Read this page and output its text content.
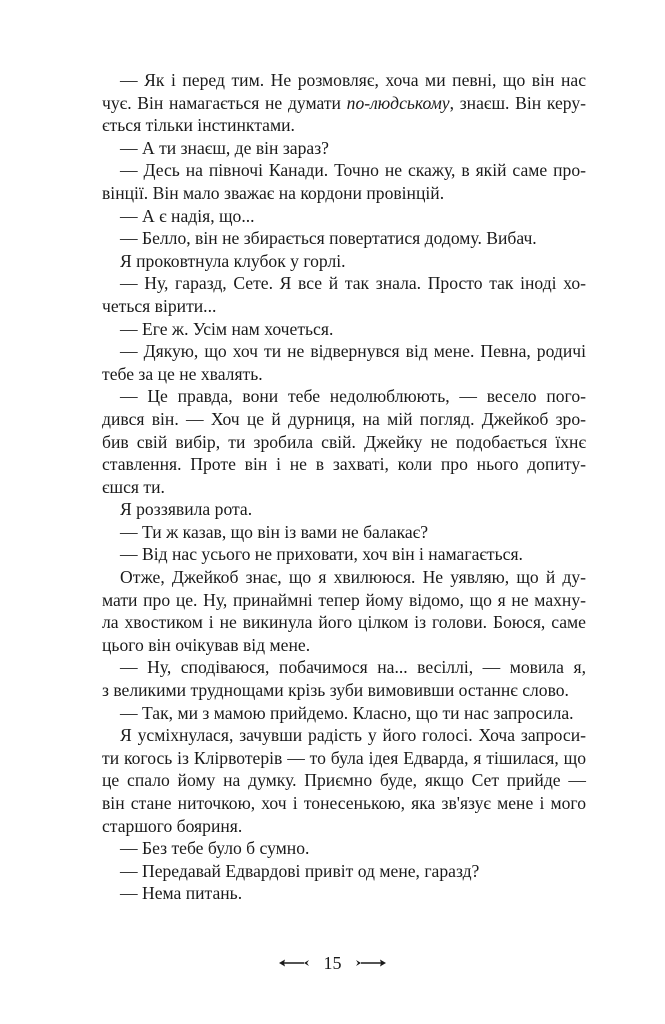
— Як і перед тим. Не розмовляє, хоча ми певні, що він нас

чує. Він намагається не думати по-людському, знаєш. Він керу-

ється тільки інстинктами.

— А ти знаєш, де він зараз?

— Десь на півночі Канади. Точно не скажу, в якій саме про-

вінції. Він мало зважає на кордони провінцій.

— А є надія, що...

— Белло, він не збирається повертатися додому. Вибач.

Я проковтнула клубок у горлі.

— Ну, гаразд, Сете. Я все й так знала. Просто так іноді хо-

четься вірити...

— Еге ж. Усім нам хочеться.

— Дякую, що хоч ти не відвернувся від мене. Певна, родичі

тебе за це не хвалять.

— Це правда, вони тебе недолюблюють, — весело пого-

дився він. — Хоч це й дурниця, на мій погляд. Джейкоб зро-

бив свій вибір, ти зробила свій. Джейку не подобається їхнє

ставлення. Проте він і не в захваті, коли про нього допиту-

єшся ти.

Я роззявила рота.

— Ти ж казав, що він із вами не балакає?

— Від нас усього не приховати, хоч він і намагається.

Отже, Джейкоб знає, що я хвилююся. Не уявляю, що й ду-

мати про це. Ну, принаймні тепер йому відомо, що я не махну-

ла хвостиком і не викинула його цілком із голови. Боюся, саме

цього він очікував від мене.

— Ну, сподіваюся, побачимося на... весіллі, — мовила я,

з великими труднощами крізь зуби вимовивши останнє слово.

— Так, ми з мамою прийдемо. Класно, що ти нас запросила.

Я усміхнулася, зачувши радість у його голосі. Хоча запроси-

ти когось із Клірвотерів — то була ідея Едварда, я тішилася, що

це спало йому на думку. Приємно буде, якщо Сет прийде —

він стане ниточкою, хоч і тонесенькою, яка зв'язує мене і мого

старшого бояриня.

— Без тебе було б сумно.

— Передавай Едвардові привіт од мене, гаразд?

— Нема питань.

15
